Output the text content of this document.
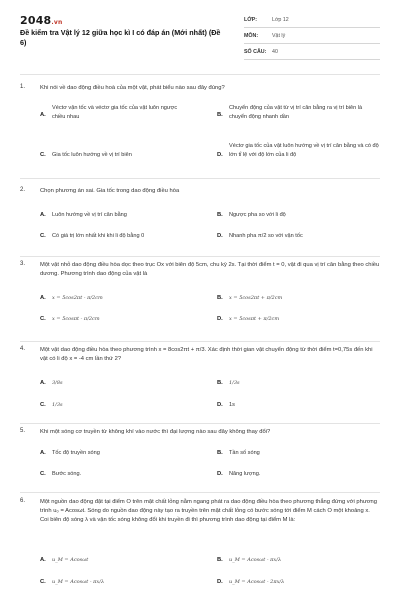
2048.vn
Đề kiểm tra Vật lý 12 giữa học kì I có đáp án (Mới nhất) (Đề 6)
LỚP:	Lớp 12
MÔN:	Vật lý
SỐ CÂU: 40
1.	Khi nói về dao động điều hoà của một vật, phát biểu nào sau đây đúng?
A.
Véctơ vận tốc và véctơ gia tốc của vật luôn ngược chiều nhau	B.
Chuyển động của vật từ vị trí cân bằng ra vị trí biên là chuyển động nhanh dần
C. Gia tốc luôn hướng về vị trí biên	D.
Véctơ gia tốc của vật luôn hướng về vị trí cân bằng và có độ lớn tỉ lệ với độ lớn của li độ
2.	Chọn phương án sai. Gia tốc trong dao động điều hòa
A. Luôn hướng về vị trí cân bằng	B. Ngược pha so với li độ
C. Có giá trị lớn nhất khi khi li độ bằng 0	D. Nhanh pha π/2 so với vận tốc
3.	Một vật nhỏ dao động điều hòa dọc theo trục Ox với biên độ 5cm, chu kỳ 2s. Tại thời điểm t = 0, vật đi qua vị trí cân bằng theo chiều dương. Phương trình dao động của vật là
A. x = 5cos2πt - π/2cm	B. x = 5cos2πt + π/2cm
C. x = 5cosπt - π/2cm	D. x = 5cosπt + π/2cm
4.	Một vật dao động điều hòa theo phương trình x = 8cos2πt + π/3. Xác định thời gian vật chuyển động từ thời điểm t=0,75s đến khi vật có li độ x = -4 cm lần thứ 2?
A. 3/8s	B. 1/3s
C. 1/3s	D. 1s
5.	Khi một sóng cơ truyền từ không khí vào nước thì đại lượng nào sau đây không thay đổi?
A. Tốc độ truyền sóng	B. Tần số sóng
C. Bước sóng.	D. Năng lượng.
6.	Một nguồn dao động đặt tại điểm O trên mặt chất lỏng nằm ngang phát ra dao động điều hòa theo phương thẳng đứng với phương trình u₀ = Acosωt. Sóng do nguồn dao động này tạo ra truyền trên mặt chất lỏng có bước sóng tới điểm M cách O một khoảng x. Coi biên độ sóng λ và vận tốc sóng không đổi khi truyền đi thì phương trình dao động tại điểm M là:
A. u_M = Acosωt	B. u_M = Acosωt - πx/λ
C. u_M = Acosωt - πx/λ	D. u_M = Acosωt - 2πx/λ
